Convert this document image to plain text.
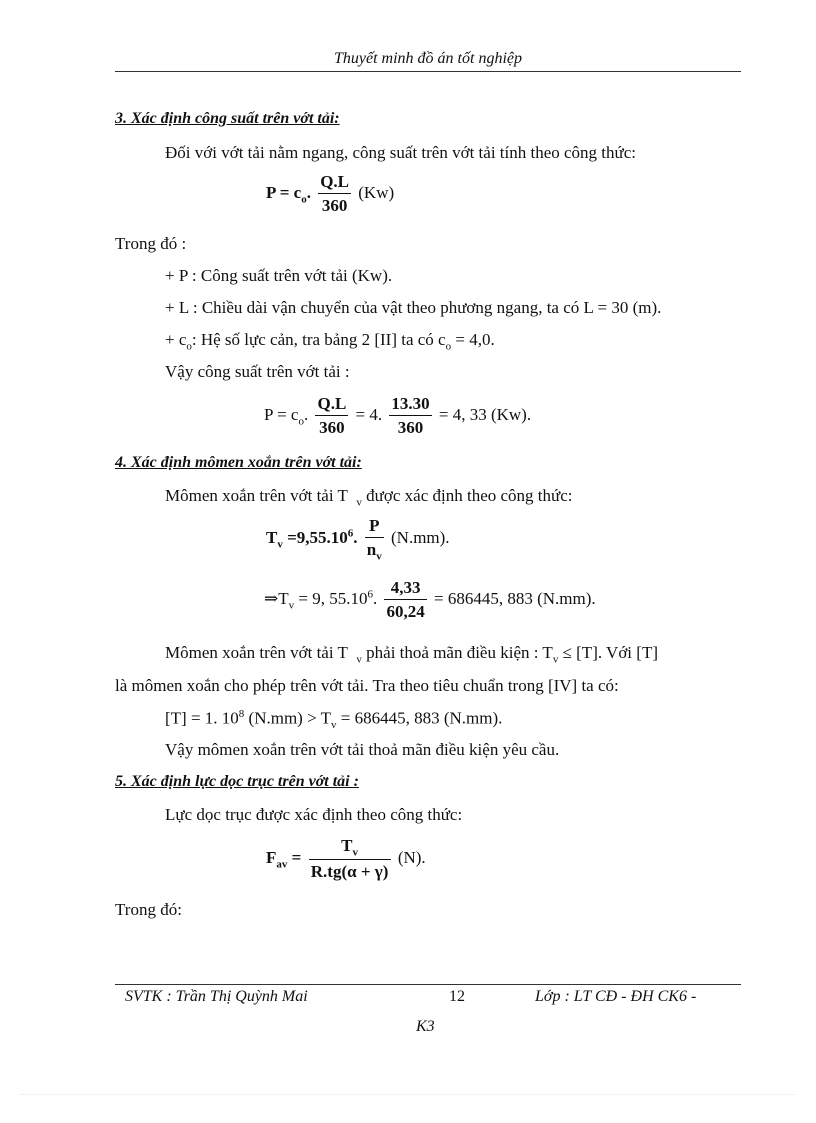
Thuyết minh đồ án tốt nghiệp
3. Xác định công suất trên vớt tải:
Đối với vớt tải nằm ngang, công suất trên vớt tải tính theo công thức:
$P = c_o$. $\frac{Q.L}{360} (Kw)$
Trong đó :
+ P : Công suất trên vớt tải (Kw).
+ L : Chiều dài vận chuyển của vật theo phương ngang, ta có L = 30 (m).
+ $c_o$: Hệ số lực cản, tra bảng 2 [II] ta có $c_o = 4,0$.
Vậy công suất trên vớt tải :
$P = c_o$. $\frac{Q.L}{360} = 4$. $\frac{13.30}{360} = 4$, 33 (Kw).
4. Xác định mômen xoắn trên vớt tải:
Mômen xoắn trên vớt tải T $_v$ được xác định theo công thức:
$T_v =9,55.10^6$. $\frac{P}{n_v} (N.mm)$.
$\Rightarrow T_v = 9$, 55.10$^6$. $\frac{4,33}{60,24} = 686445$, 883 (N.mm).
Mômen xoắn trên vớt tải T $_v$ phải thoả mãn điều kiện : $T_v \le [T]$. Với [T]
là mômen xoắn cho phép trên vớt tải. Tra theo tiêu chuẩn trong [IV] ta có:
[T] = 1. $10^8$ $(N.mm) > T_v = 686445$, 883 (N.mm).
Vậy mômen xoắn trên vớt tải thoả mãn điều kiện yêu cầu.
5. Xác định lực dọc trục trên vớt tải :
Lực dọc trục được xác định theo công thức:
$F_{av} = \frac{T_v}{R.tg(\alpha + \gamma)} (N)$.
Trong đó:
SVTK : Trần Thị Quỳnh Mai	12	Lớp : LT CĐ - ĐH CK6 -
K3
